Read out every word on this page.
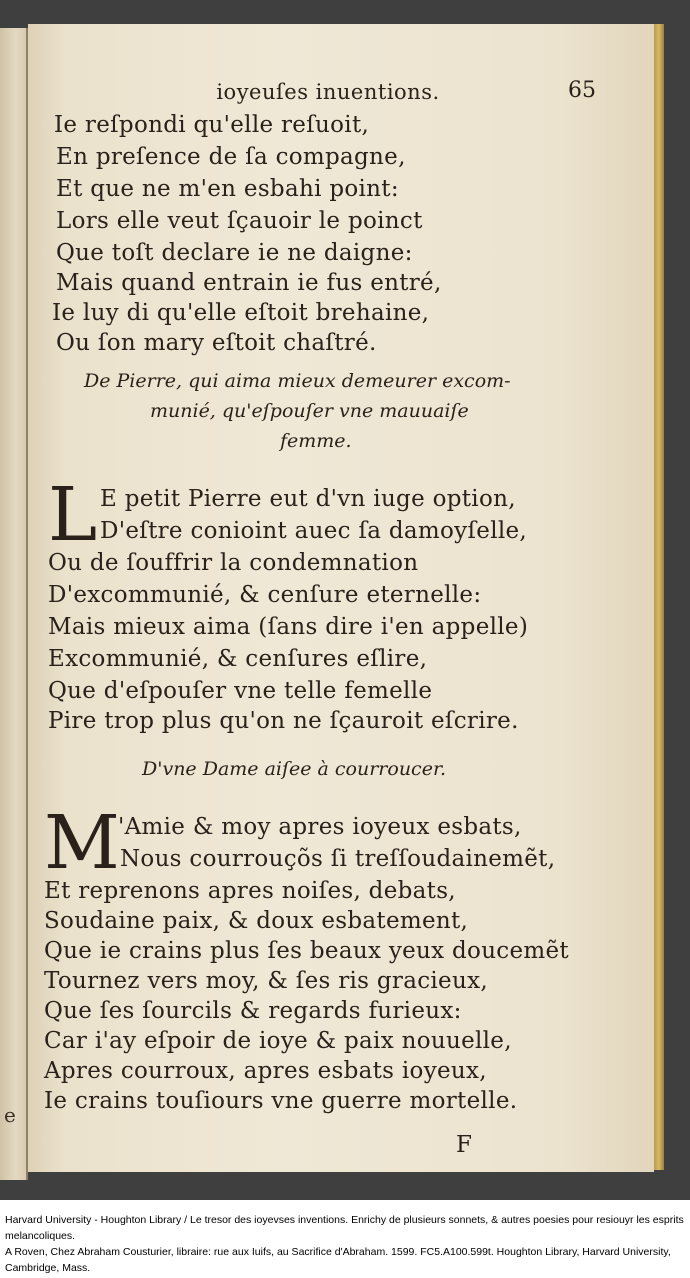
e
ioyeuſes inuentions.	65
Ie reſpondi qu'elle reſuoit,
En preſence de ſa compagne,
Et que ne m'en esbahi point:
Lors elle veut ſçauoir le poinct
Que toſt declare ie ne daigne:
Mais quand entrain ie fus entré,
Ie luy di qu'elle eſtoit brehaine,
Ou ſon mary eſtoit chaſtré.
De Pierre, qui aima mieux demeurer excom-
munié, qu'eſpouſer vne mauuaiſe
femme.
L E petit Pierre eut d'vn iuge option,
D'eſtre conioint auec ſa damoyſelle,
Ou de ſouffrir la condemnation
D'excommunié, & cenſure eternelle:
Mais mieux aima (ſans dire i'en appelle)
Excommunié, & cenſures eſlire,
Que d'eſpouſer vne telle femelle
Pire trop plus qu'on ne ſçauroit eſcrire.
D'vne Dame aiſee à courroucer.
M
'Amie & moy apres ioyeux esbats,
Nous courrouçõs ſi treſſoudainemẽt,
Et reprenons apres noiſes, debats,
Soudaine paix, & doux esbatement,
Que ie crains plus ſes beaux yeux doucemẽt
Tournez vers moy, & ſes ris gracieux,
Que ſes ſourcils & regards furieux:
Car i'ay eſpoir de ioye & paix nouuelle,
Apres courroux, apres esbats ioyeux,
Ie crains touſiours vne guerre mortelle.
F

Harvard University - Houghton Library / Le tresor des ioyevses inventions. Enrichy de plusieurs sonnets, & autres poesies pour resiouyr les esprits melancoliques.

A Roven, Chez Abraham Cousturier, libraire: rue aux Iuifs, au Sacrifice d'Abraham. 1599. FC5.A100.599t. Houghton Library, Harvard University, Cambridge, Mass.
